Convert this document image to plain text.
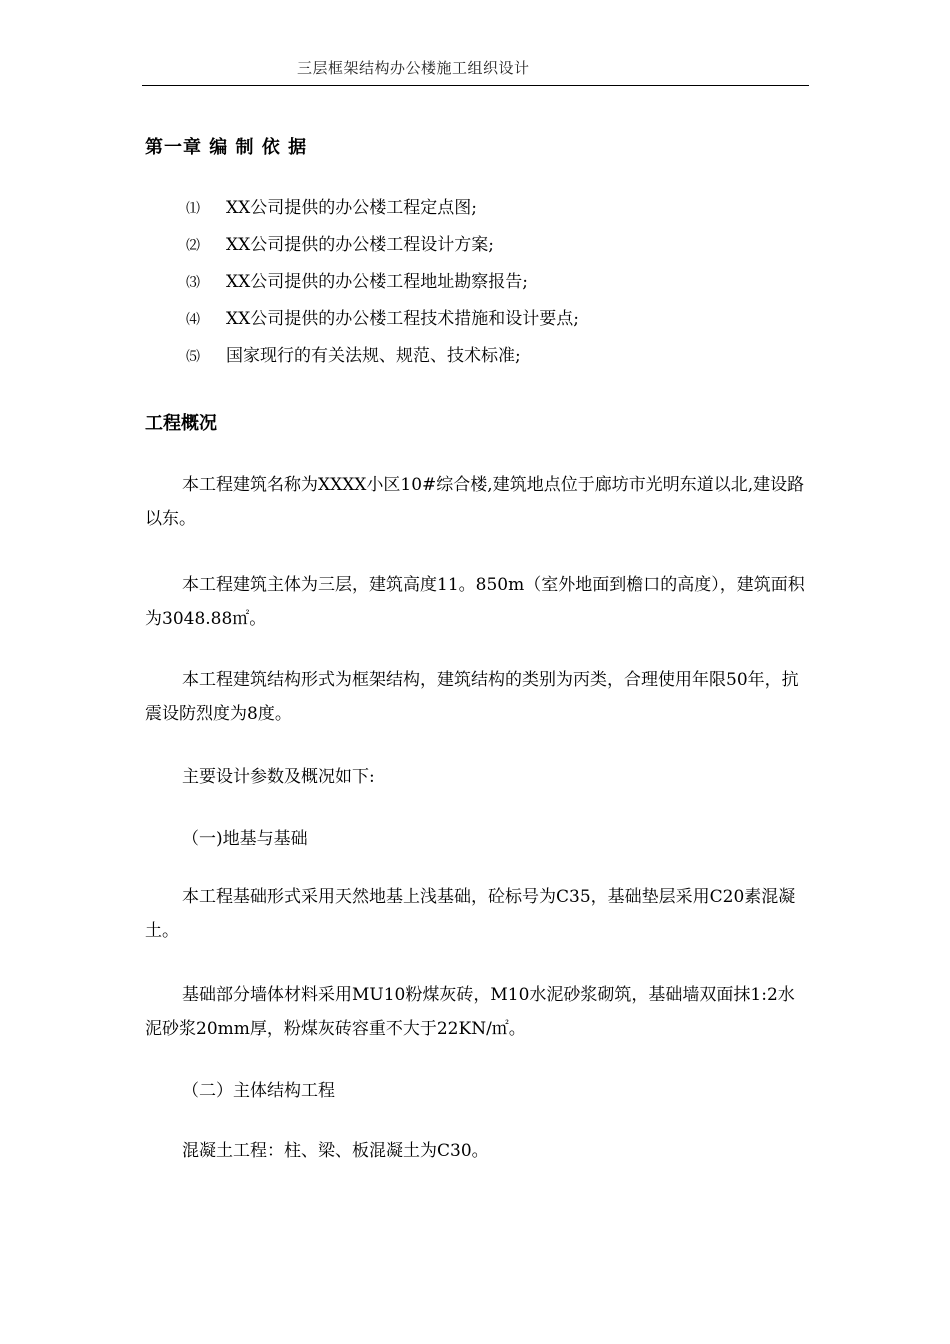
三层框架结构办公楼施工组织设计
第一章 编 制 依 据
⑴ XX公司提供的办公楼工程定点图;
⑵ XX公司提供的办公楼工程设计方案;
⑶ XX公司提供的办公楼工程地址勘察报告;
⑷ XX公司提供的办公楼工程技术措施和设计要点;
⑸ 国家现行的有关法规、规范、技术标准;
工程概况

本工程建筑名称为XXXX小区10#综合楼,建筑地点位于廊坊市光明东道以北,建设路以东。

本工程建筑主体为三层，建筑高度11。850m（室外地面到檐口的高度），建筑面积为3048.88㎡。

本工程建筑结构形式为框架结构，建筑结构的类别为丙类，合理使用年限50年，抗震设防烈度为8度。

主要设计参数及概况如下:

（一)地基与基础

本工程基础形式采用天然地基上浅基础，砼标号为C35，基础垫层采用C20素混凝土。

基础部分墙体材料采用MU10粉煤灰砖，M10水泥砂浆砌筑，基础墙双面抹1:2水泥砂浆20mm厚，粉煤灰砖容重不大于22KN/㎡。

（二）主体结构工程

混凝土工程：柱、梁、板混凝土为C30。
